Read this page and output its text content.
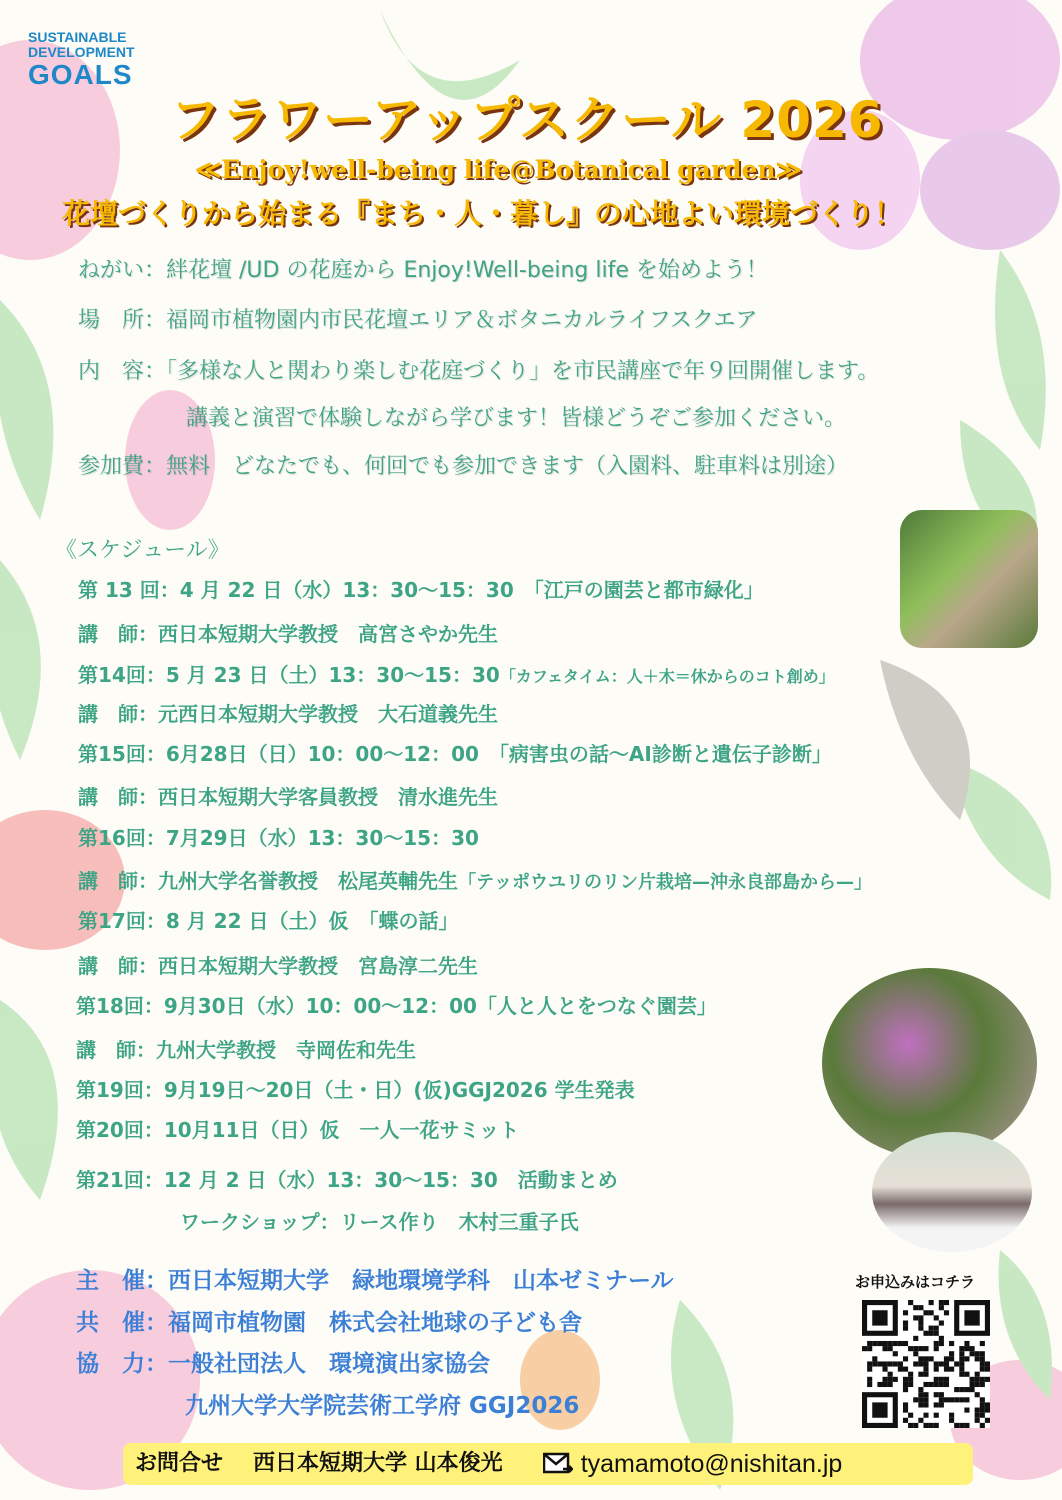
SUSTAINABLE
DEVELOPMENT
GOALS
フラワーアップスクール 2026
≪Enjoy!well-being life@Botanical garden≫
花壇づくりから始まる『まち・人・暮し』の心地よい環境づくり！
ねがい：絆花壇 /UD の花庭から Enjoy!Well-being life を始めよう！
場　所：福岡市植物園内市民花壇エリア＆ボタニカルライフスクエア
内　容：「多様な人と関わり楽しむ花庭づくり」を市民講座で年９回開催します。
講義と演習で体験しながら学びます！皆様どうぞご参加ください。
参加費：無料　どなたでも、何回でも参加できます（入園料、駐車料は別途）
《スケジュール》
第 13 回：4 月 22 日（水）13：30〜15：30　「江戸の園芸と都市緑化」
講　師：西日本短期大学教授　高宮さやか先生
第14回：5 月 23 日（土）13：30〜15：30「カフェタイム：人＋木＝休からのコト創め」
講　師：元西日本短期大学教授　大石道義先生
第15回：6月28日（日）10：00〜12：00　「病害虫の話〜AI診断と遺伝子診断」
講　師：西日本短期大学客員教授　清水進先生
第16回：7月29日（水）13：30〜15：30
講　師：九州大学名誉教授　松尾英輔先生「テッポウユリのリン片栽培—沖永良部島から—」
第17回：8 月 22 日（土）仮　「蝶の話」
講　師：西日本短期大学教授　宮島淳二先生
第18回：9月30日（水）10：00〜12：00「人と人とをつなぐ園芸」
講　師：九州大学教授　寺岡佐和先生
第19回：9月19日〜20日（土・日）(仮)GGJ2026 学生発表
第20回：10月11日（日）仮　一人一花サミット
第21回：12 月 2 日（水）13：30〜15：30　活動まとめ
ワークショップ：リース作り　木村三重子氏
主　催：西日本短期大学　緑地環境学科　山本ゼミナール
共　催：福岡市植物園　株式会社地球の子ども舎
協　力：一般社団法人　環境演出家協会
九州大学大学院芸術工学府 GGJ2026
お申込みはコチラ
お問合せ 西日本短期大学 山本俊光	tyamamoto@nishitan.jp
